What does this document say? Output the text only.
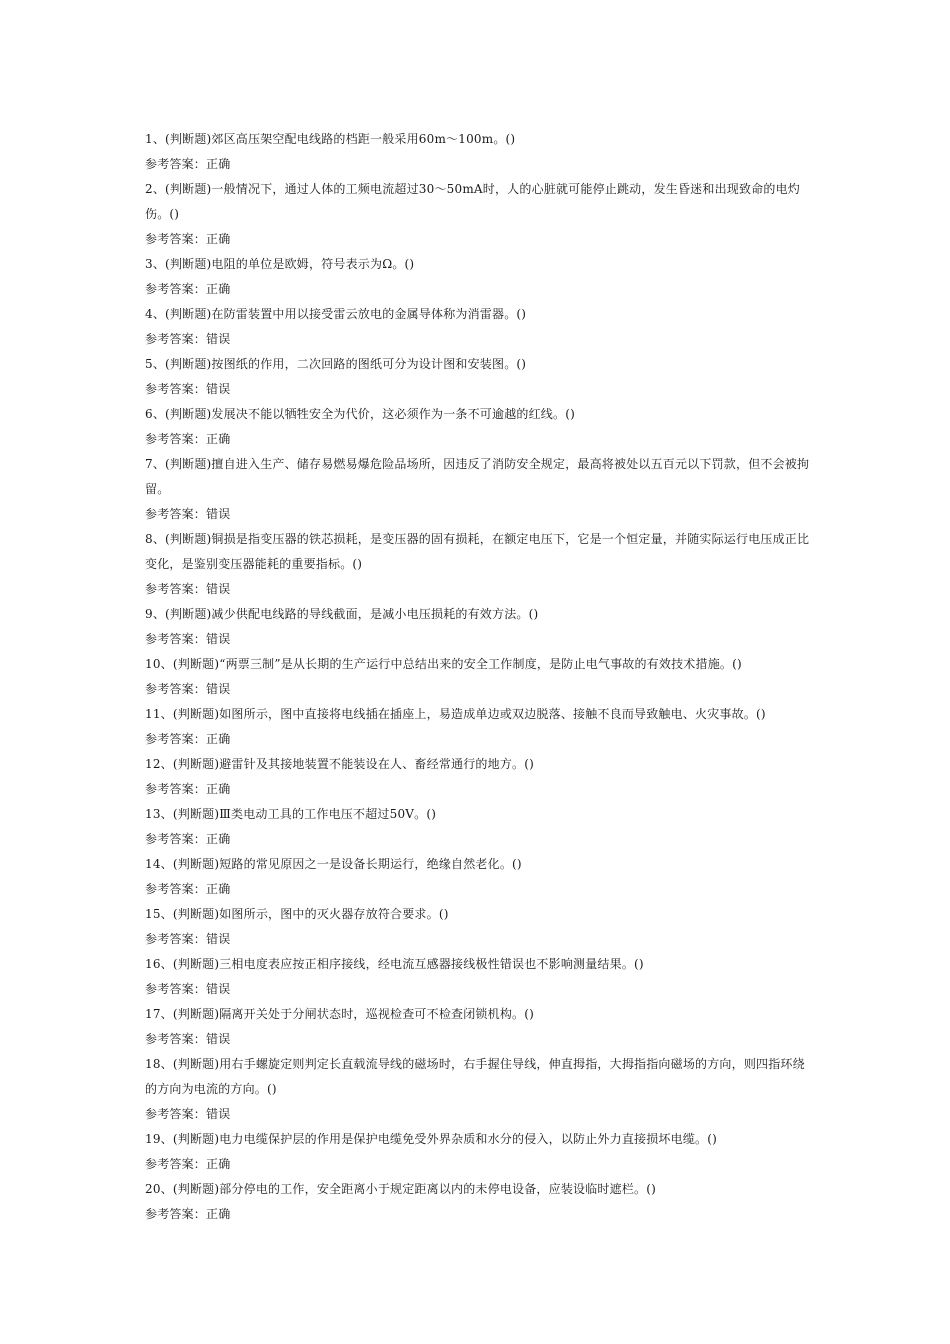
1、(判断题)郊区高压架空配电线路的档距一般采用60m～100m。()
参考答案：正确
2、(判断题)一般情况下，通过人体的工频电流超过30～50mA时，人的心脏就可能停止跳动，发生昏迷和出现致命的电灼伤。()
参考答案：正确
3、(判断题)电阻的单位是欧姆，符号表示为Ω。()
参考答案：正确
4、(判断题)在防雷装置中用以接受雷云放电的金属导体称为消雷器。()
参考答案：错误
5、(判断题)按图纸的作用，二次回路的图纸可分为设计图和安装图。()
参考答案：错误
6、(判断题)发展决不能以牺牲安全为代价，这必须作为一条不可逾越的红线。()
参考答案：正确
7、(判断题)擅自进入生产、储存易燃易爆危险品场所，因违反了消防安全规定，最高将被处以五百元以下罚款，但不会被拘留。
参考答案：错误
8、(判断题)铜损是指变压器的铁芯损耗，是变压器的固有损耗，在额定电压下，它是一个恒定量，并随实际运行电压成正比变化，是鉴别变压器能耗的重要指标。()
参考答案：错误
9、(判断题)减少供配电线路的导线截面，是减小电压损耗的有效方法。()
参考答案：错误
10、(判断题)“两票三制”是从长期的生产运行中总结出来的安全工作制度，是防止电气事故的有效技术措施。()
参考答案：错误
11、(判断题)如图所示，图中直接将电线插在插座上，易造成单边或双边脱落、接触不良而导致触电、火灾事故。()
参考答案：正确
12、(判断题)避雷针及其接地装置不能装设在人、畜经常通行的地方。()
参考答案：正确
13、(判断题)Ⅲ类电动工具的工作电压不超过50V。()
参考答案：正确
14、(判断题)短路的常见原因之一是设备长期运行，绝缘自然老化。()
参考答案：正确
15、(判断题)如图所示，图中的灭火器存放符合要求。()
参考答案：错误
16、(判断题)三相电度表应按正相序接线，经电流互感器接线极性错误也不影响测量结果。()
参考答案：错误
17、(判断题)隔离开关处于分闸状态时，巡视检查可不检查闭锁机构。()
参考答案：错误
18、(判断题)用右手螺旋定则判定长直载流导线的磁场时，右手握住导线，伸直拇指，大拇指指向磁场的方向，则四指环绕的方向为电流的方向。()
参考答案：错误
19、(判断题)电力电缆保护层的作用是保护电缆免受外界杂质和水分的侵入，以防止外力直接损坏电缆。()
参考答案：正确
20、(判断题)部分停电的工作，安全距离小于规定距离以内的未停电设备，应装设临时遮栏。()
参考答案：正确
